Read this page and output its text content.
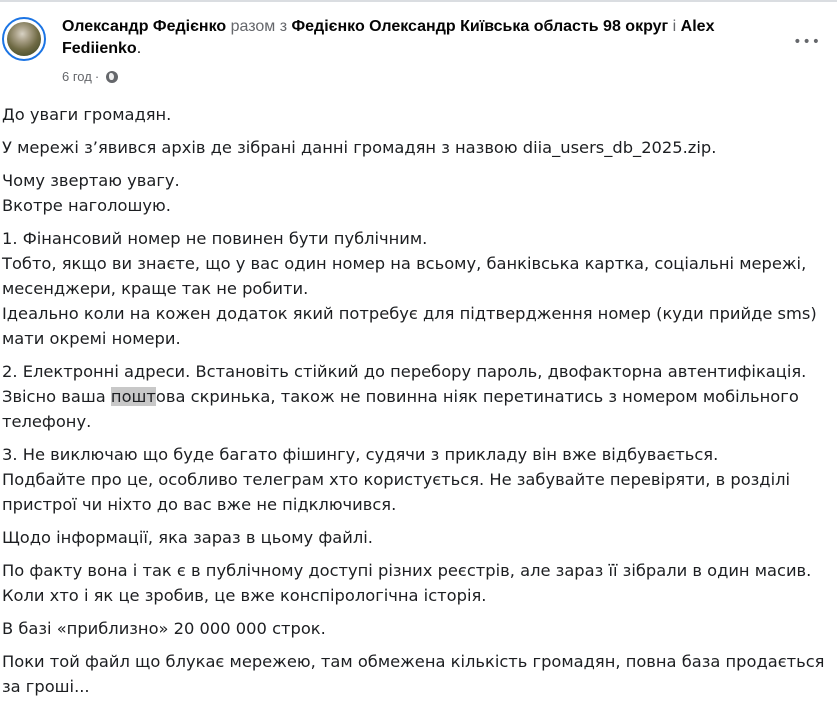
Олександр Федієнко разом з Федієнко Олександр Київська область 98 округ і Alex Fediienko.
6 год ·
•••

До уваги громадян.

У мережі з’явився архів де зібрані данні громадян з назвою diia_users_db_2025.zip.

Чому звертаю увагу.
Вкотре наголошую.

1. Фінансовий номер не повинен бути публічним.
Тобто, якщо ви знаєте, що у вас один номер на всьому, банківська картка, соціальні мережі, месенджери, краще так не робити.
Ідеально коли на кожен додаток який потребує для підтвердження номер (куди прийде sms) мати окремі номери.

2. Електронні адреси. Встановіть стійкий до перебору пароль, двофакторна автентифікація.
Звісно ваша поштова скринька, також не повинна ніяк перетинатись з номером мобільного телефону.

3. Не виключаю що буде багато фішингу, судячи з прикладу він вже відбувається.
Подбайте про це, особливо телеграм хто користується. Не забувайте перевіряти, в розділі пристрої чи ніхто до вас вже не підключився.

Щодо інформації, яка зараз в цьому файлі.

По факту вона і так є в публічному доступі різних реєстрів, але зараз її зібрали в один масив.
Коли хто і як це зробив, це вже конспірологічна історія.

В базі «приблизно» 20 000 000 строк.

Поки той файл що блукає мережею, там обмежена кількість громадян, повна база продається за гроші...
